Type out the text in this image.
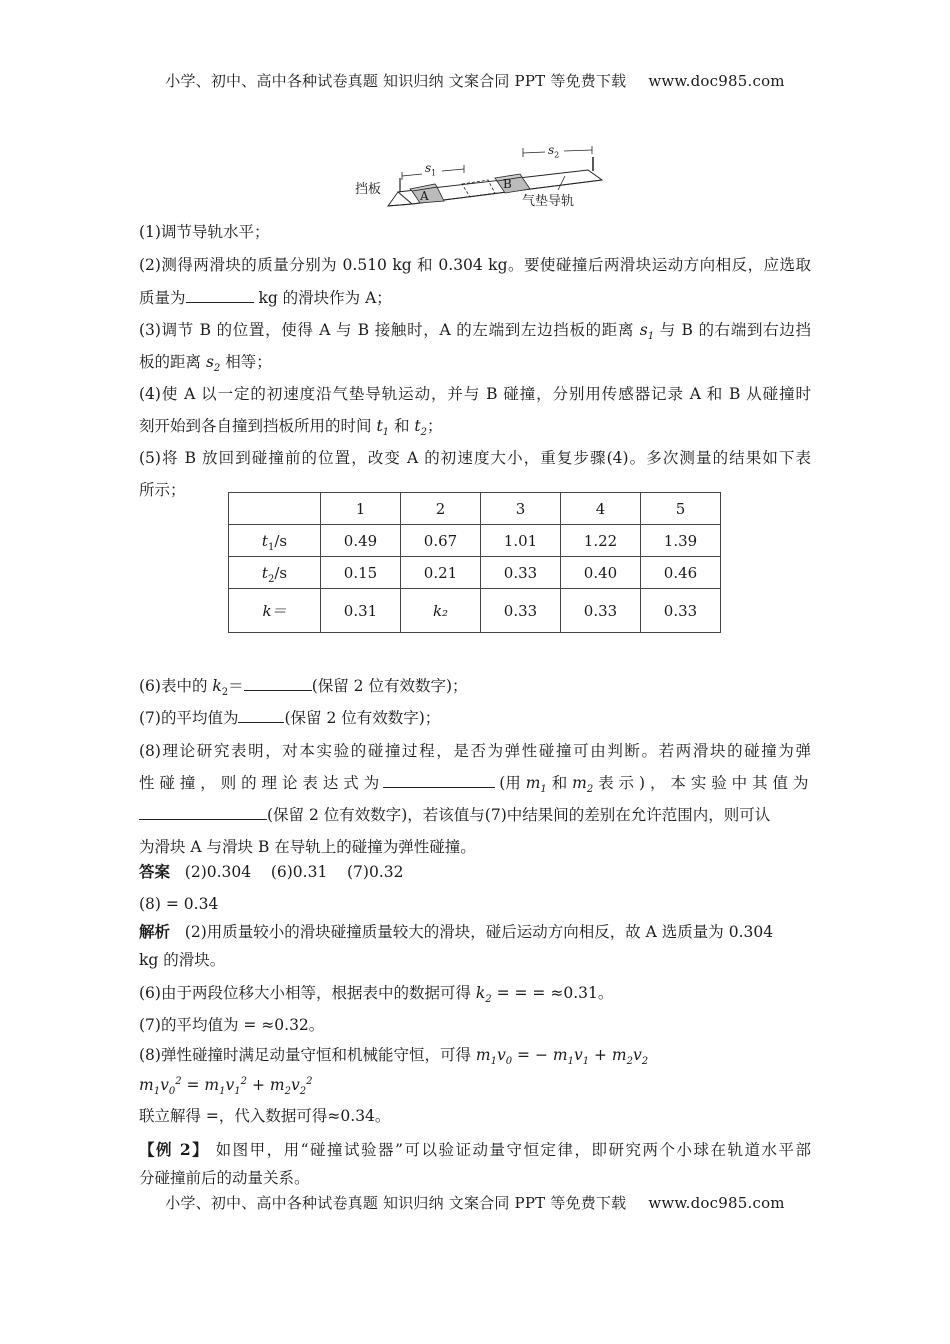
小学、初中、高中各种试卷真题 知识归纳 文案合同 PPT 等免费下载 www.doc985.com
挡板	A
B
$s_1$
$s_2$
气垫导轨
(1)调节导轨水平；
(2)测得两滑块的质量分别为 0.510 kg 和 0.304 kg。要使碰撞后两滑块运动方向相反，应选取
质量为	kg 的滑块作为 A；
(3)调节 B 的位置，使得 A 与 B 接触时，A 的左端到左边挡板的距离 $s_1$ 与 B 的右端到右边挡
板的距离 $s_2$ 相等；
(4)使 A 以一定的初速度沿气垫导轨运动，并与 B 碰撞，分别用传感器记录 A 和 B 从碰撞时
刻开始到各自撞到挡板所用的时间 $t_1$ 和 $t_2$；
(5)将 B 放回到碰撞前的位置，改变 A 的初速度大小，重复步骤(4)。多次测量的结果如下表
所示；
	1	2	3	4	5
$t_1/s$	0.49	0.67	1.01	1.22	1.39
$t_2/s$	0.15	0.21	0.33	0.40	0.46
k＝	0.31	k₂	0.33	0.33	0.33
(6)表中的 $k_2=$	(保留 2 位有效数字)；
(7)的平均值为	(保留 2 位有效数字)；
(8)理论研究表明，对本实验的碰撞过程，是否为弹性碰撞可由判断。若两滑块的碰撞为弹
性 碰 撞 ， 则 的 理 论 表 达 式 为	(用 $m_1$ 和 $m_2$ 表 示 ) ， 本 实 验 中 其 值 为
(保留 2 位有效数字)，若该值与(7)中结果间的差别在允许范围内，则可认
为滑块 A 与滑块 B 在导轨上的碰撞为弹性碰撞。
答案 (2)0.304    (6)0.31    (7)0.32
(8) = 0.34
解析 (2)用质量较小的滑块碰撞质量较大的滑块，碰后运动方向相反，故 A 选质量为 0.304
kg 的滑块。
(6)由于两段位移大小相等，根据表中的数据可得 $k_2$ = = = ≈0.31。
(7)的平均值为 = ≈0.32。
(8)弹性碰撞时满足动量守恒和机械能守恒，可得 $m_1v_0$ = − $m_1v_1 + m_2v_2$
$m_1v_0^2 = m_1v_1^2 + m_2v_2^2$
联立解得 =，代入数据可得≈0.34。
【例 2】 如图甲，用“碰撞试验器”可以验证动量守恒定律，即研究两个小球在轨道水平部
分碰撞前后的动量关系。
小学、初中、高中各种试卷真题 知识归纳 文案合同 PPT 等免费下载 www.doc985.com
